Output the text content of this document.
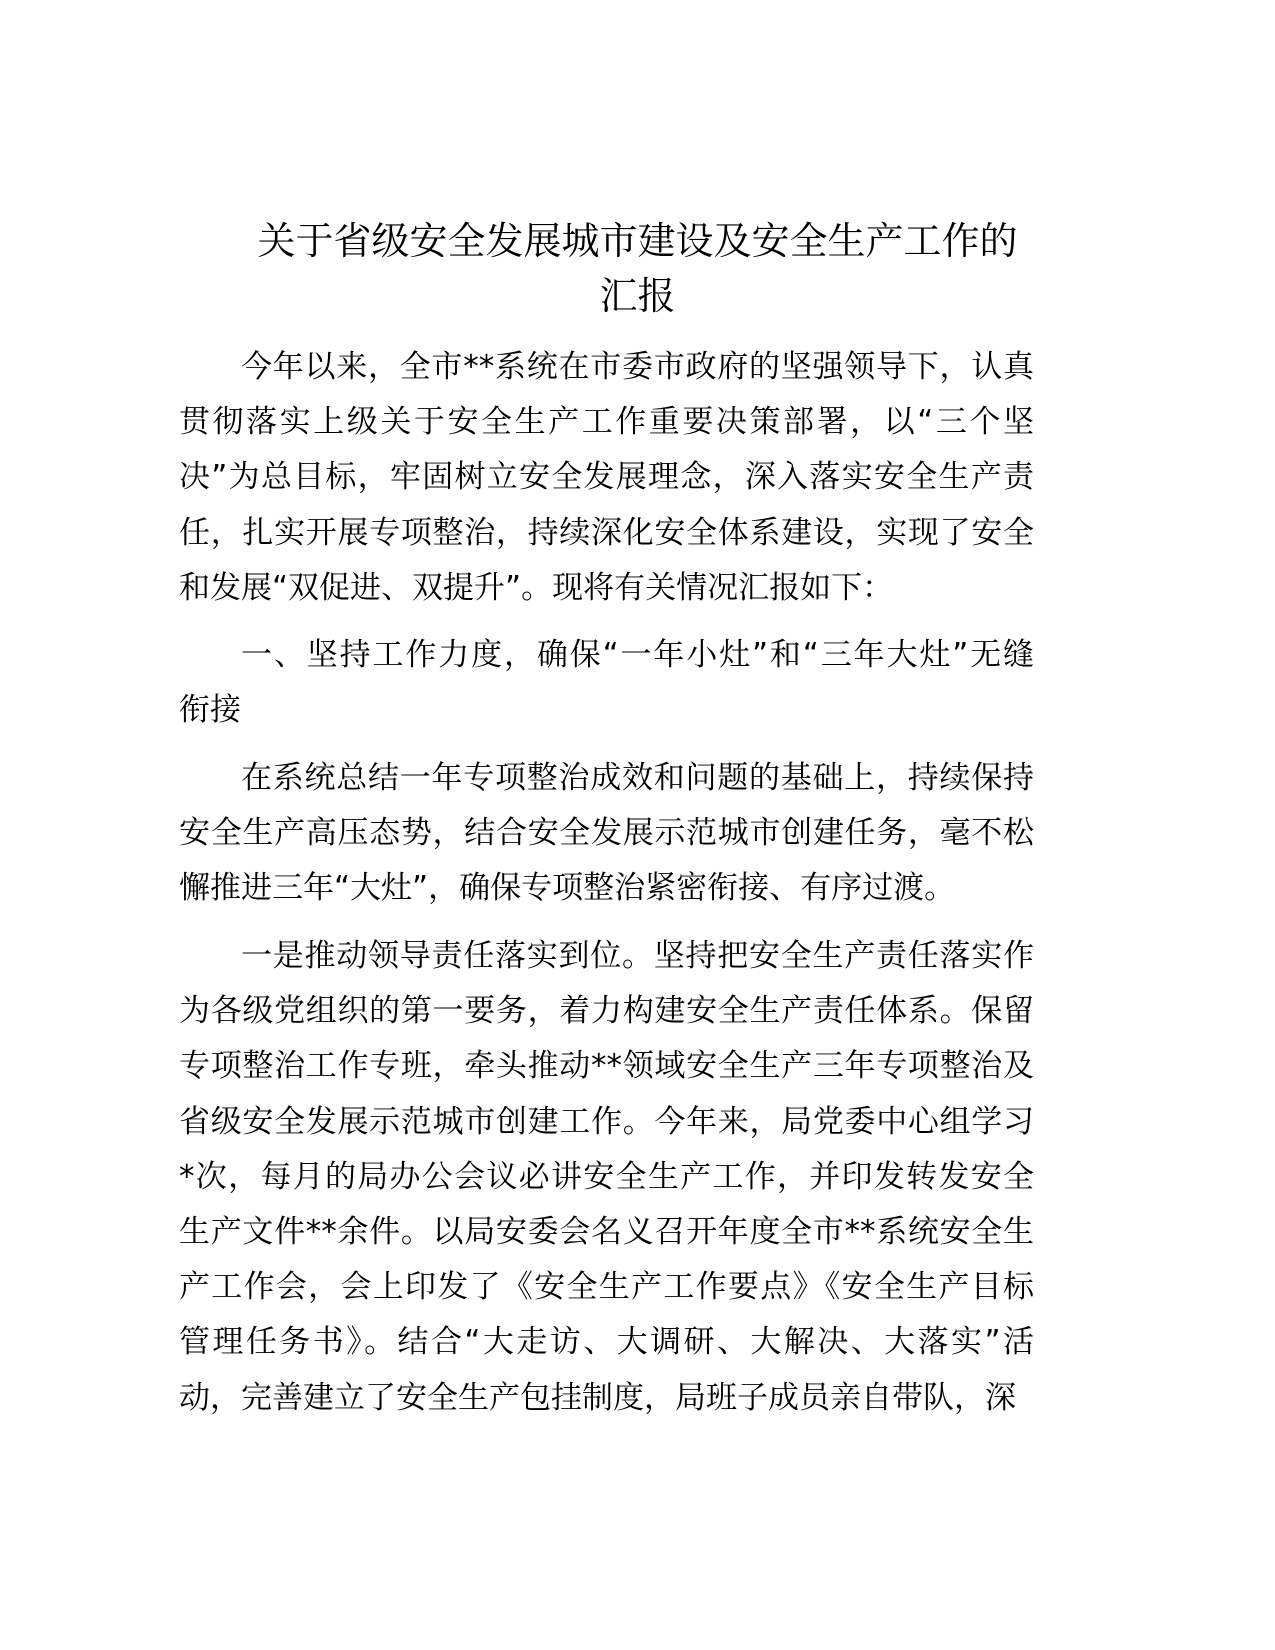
关于省级安全发展城市建设及安全生产工作的
汇报
今年以来，全市**系统在市委市政府的坚强领导下，认真
贯彻落实上级关于安全生产工作重要决策部署，以“三个坚
决”为总目标，牢固树立安全发展理念，深入落实安全生产责
任，扎实开展专项整治，持续深化安全体系建设，实现了安全
和发展“双促进、双提升”。现将有关情况汇报如下：
一、坚持工作力度，确保“一年小灶”和“三年大灶”无缝
衔接
在系统总结一年专项整治成效和问题的基础上，持续保持
安全生产高压态势，结合安全发展示范城市创建任务，毫不松
懈推进三年“大灶”，确保专项整治紧密衔接、有序过渡。
一是推动领导责任落实到位。坚持把安全生产责任落实作
为各级党组织的第一要务，着力构建安全生产责任体系。保留
专项整治工作专班，牵头推动**领域安全生产三年专项整治及
省级安全发展示范城市创建工作。今年来，局党委中心组学习
*次，每月的局办公会议必讲安全生产工作，并印发转发安全
生产文件**余件。以局安委会名义召开年度全市**系统安全生
产工作会，会上印发了《安全生产工作要点》《安全生产目标
管理任务书》。结合“大走访、大调研、大解决、大落实”活
动，完善建立了安全生产包挂制度，局班子成员亲自带队，深
